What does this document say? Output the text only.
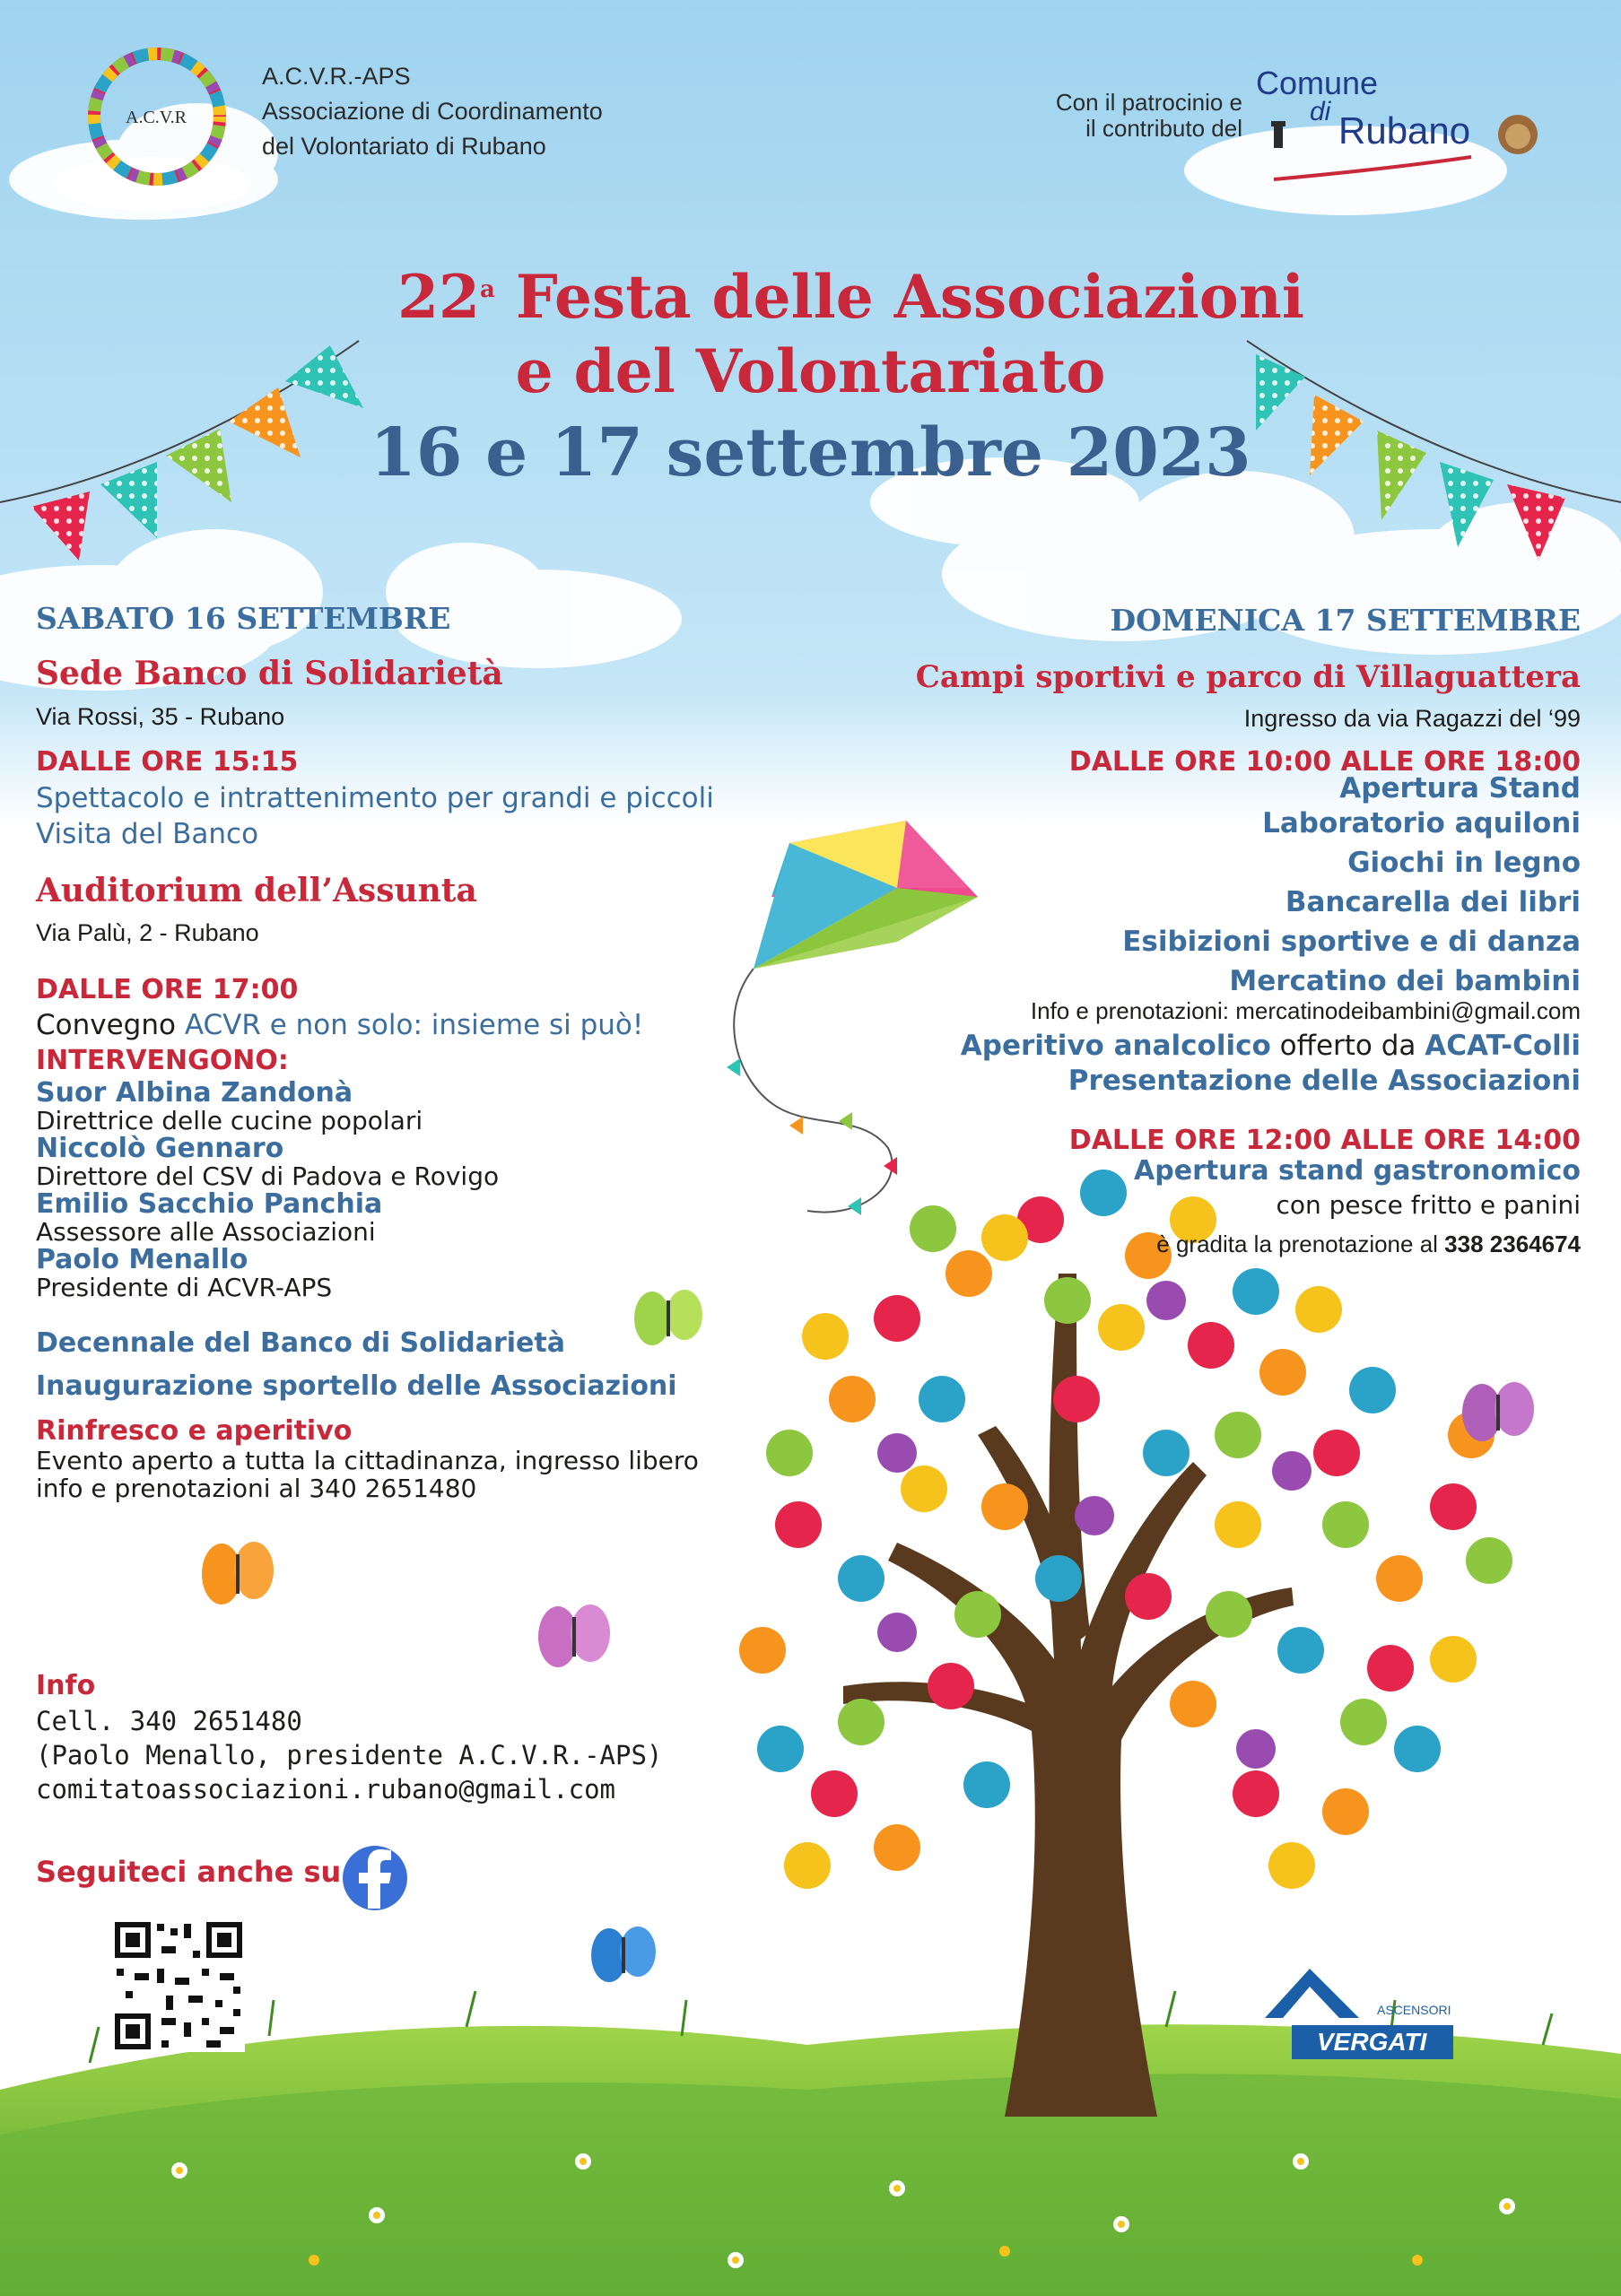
A.C.V.R
A.C.V.R.-APS
Associazione di Coordinamento
del Volontariato di Rubano
Con il patrocinio e
il contributo del
Comune
di Rubano
22$^a$ Festa delle Associazioni
e del Volontariato
16 e 17 settembre 2023
SABATO 16 SETTEMBRE
Sede Banco di Solidarietà
Via Rossi, 35 - Rubano
DALLE ORE 15:15
Spettacolo e intrattenimento per grandi e piccoli
Visita del Banco
Auditorium dell’Assunta
Via Palù, 2 - Rubano
DALLE ORE 17:00
Convegno ACVR e non solo: insieme si può!
INTERVENGONO:
Suor Albina Zandonà
Direttrice delle cucine popolari
Niccolò Gennaro
Direttore del CSV di Padova e Rovigo
Emilio Sacchio Panchia
Assessore alle Associazioni
Paolo Menallo
Presidente di ACVR-APS
Decennale del Banco di Solidarietà
Inaugurazione sportello delle Associazioni
Rinfresco e aperitivo
Evento aperto a tutta la cittadinanza, ingresso libero
info e prenotazioni al 340 2651480
DOMENICA 17 SETTEMBRE
Campi sportivi e parco di Villaguattera
Ingresso da via Ragazzi del ‘99
DALLE ORE 10:00 ALLE ORE 18:00
Apertura Stand
Laboratorio aquiloni
Giochi in legno
Bancarella dei libri
Esibizioni sportive e di danza
Mercatino dei bambini
Info e prenotazioni: mercatinodeibambini@gmail.com
Aperitivo analcolico offerto da ACAT-Colli
Presentazione delle Associazioni
DALLE ORE 12:00 ALLE ORE 14:00
Apertura stand gastronomico
con pesce fritto e panini
è gradita la prenotazione al 338 2364674
Info
Cell. 340 2651480
(Paolo Menallo, presidente A.C.V.R.-APS)
comitatoassociazioni.rubano@gmail.com
Seguiteci anche su
ASCENSORI
VERGATI
